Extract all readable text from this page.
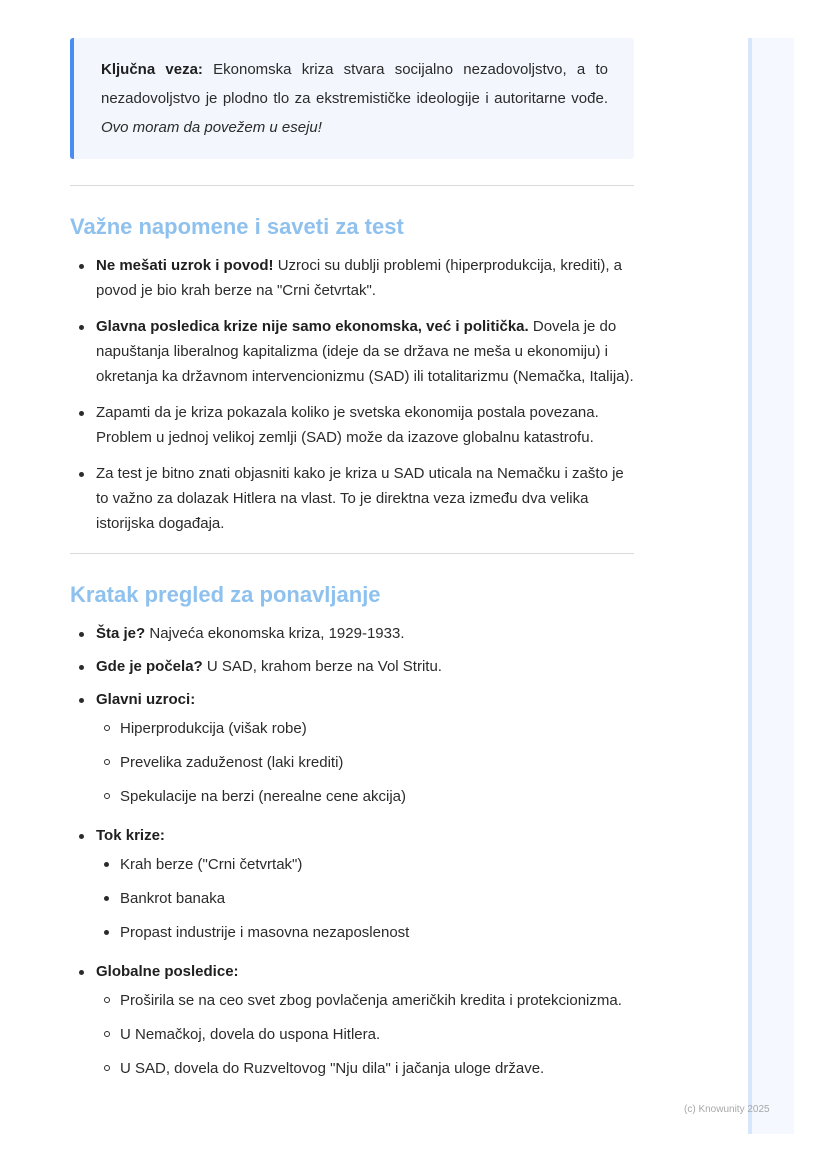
(c) Knowunity 2025
Ključna veza: Ekonomska kriza stvara socijalno nezadovoljstvo, a to nezadovoljstvo je plodno tlo za ekstremističke ideologije i autoritarne vođe. Ovo moram da povežem u eseju!
Važne napomene i saveti za test
Ne mešati uzrok i povod! Uzroci su dublji problemi (hiperprodukcija, krediti), a povod je bio krah berze na "Crni četvrtak".
Glavna posledica krize nije samo ekonomska, već i politička. Dovela je do napuštanja liberalnog kapitalizma (ideje da se država ne meša u ekonomiju) i okretanja ka državnom intervencionizmu (SAD) ili totalitarizmu (Nemačka, Italija).
Zapamti da je kriza pokazala koliko je svetska ekonomija postala povezana. Problem u jednoj velikoj zemlji (SAD) može da izazove globalnu katastrofu.
Za test je bitno znati objasniti kako je kriza u SAD uticala na Nemačku i zašto je to važno za dolazak Hitlera na vlast. To je direktna veza između dva velika istorijska događaja.
Kratak pregled za ponavljanje
Šta je? Najveća ekonomska kriza, 1929-1933.
Gde je počela? U SAD, krahom berze na Vol Stritu.
Glavni uzroci:
Hiperprodukcija (višak robe)
Prevelika zaduženost (laki krediti)
Spekulacije na berzi (nerealne cene akcija)
Tok krize:
Krah berze ("Crni četvrtak")
Bankrot banaka
Propast industrije i masovna nezaposlenost
Globalne posledice:
Proširila se na ceo svet zbog povlačenja američkih kredita i protekcionizma.
U Nemačkoj, dovela do uspona Hitlera.
U SAD, dovela do Ruzveltovog "Nju dila" i jačanja uloge države.
